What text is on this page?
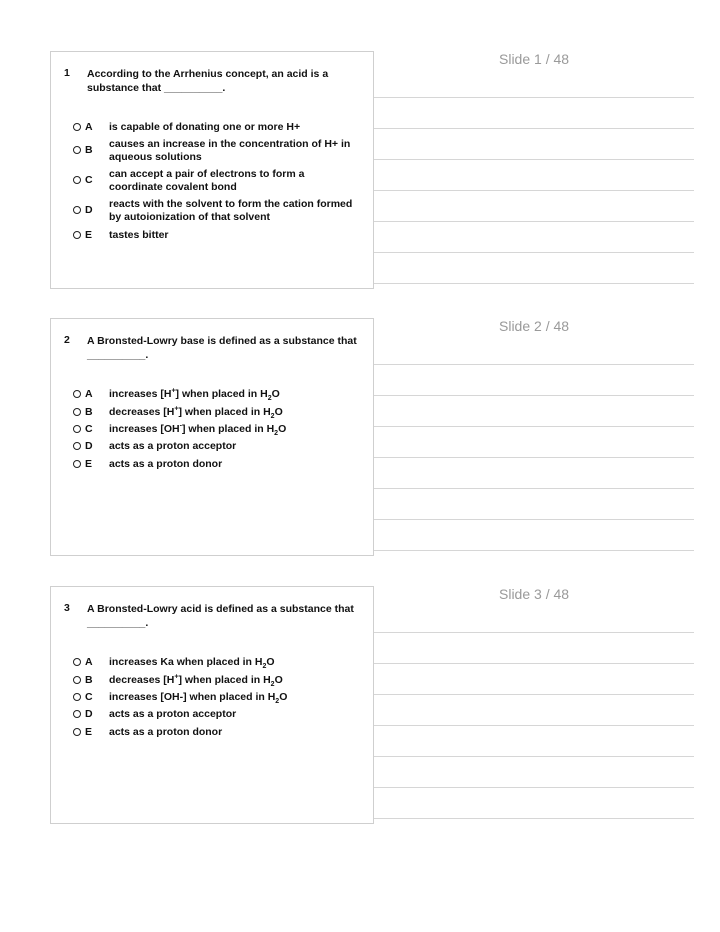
Slide 1 / 48
1 According to the Arrhenius concept, an acid is a substance that __________.
A is capable of donating one or more H+
B causes an increase in the concentration of H+ in aqueous solutions
C can accept a pair of electrons to form a coordinate covalent bond
D reacts with the solvent to form the cation formed by autoionization of that solvent
E tastes bitter
Slide 2 / 48
2 A Bronsted-Lowry base is defined as a substance that __________.
A increases [H+] when placed in $H_2O$
B decreases [H+] when placed in $H_2O$
C increases [OH-] when placed in $H_2O$
D acts as a proton acceptor
E acts as a proton donor
Slide 3 / 48
3 A Bronsted-Lowry acid is defined as a substance that __________.
A increases Ka when placed in $H_2O$
B decreases [H+] when placed in $H_2O$
C increases [OH-] when placed in $H_2O$
D acts as a proton acceptor
E acts as a proton donor
